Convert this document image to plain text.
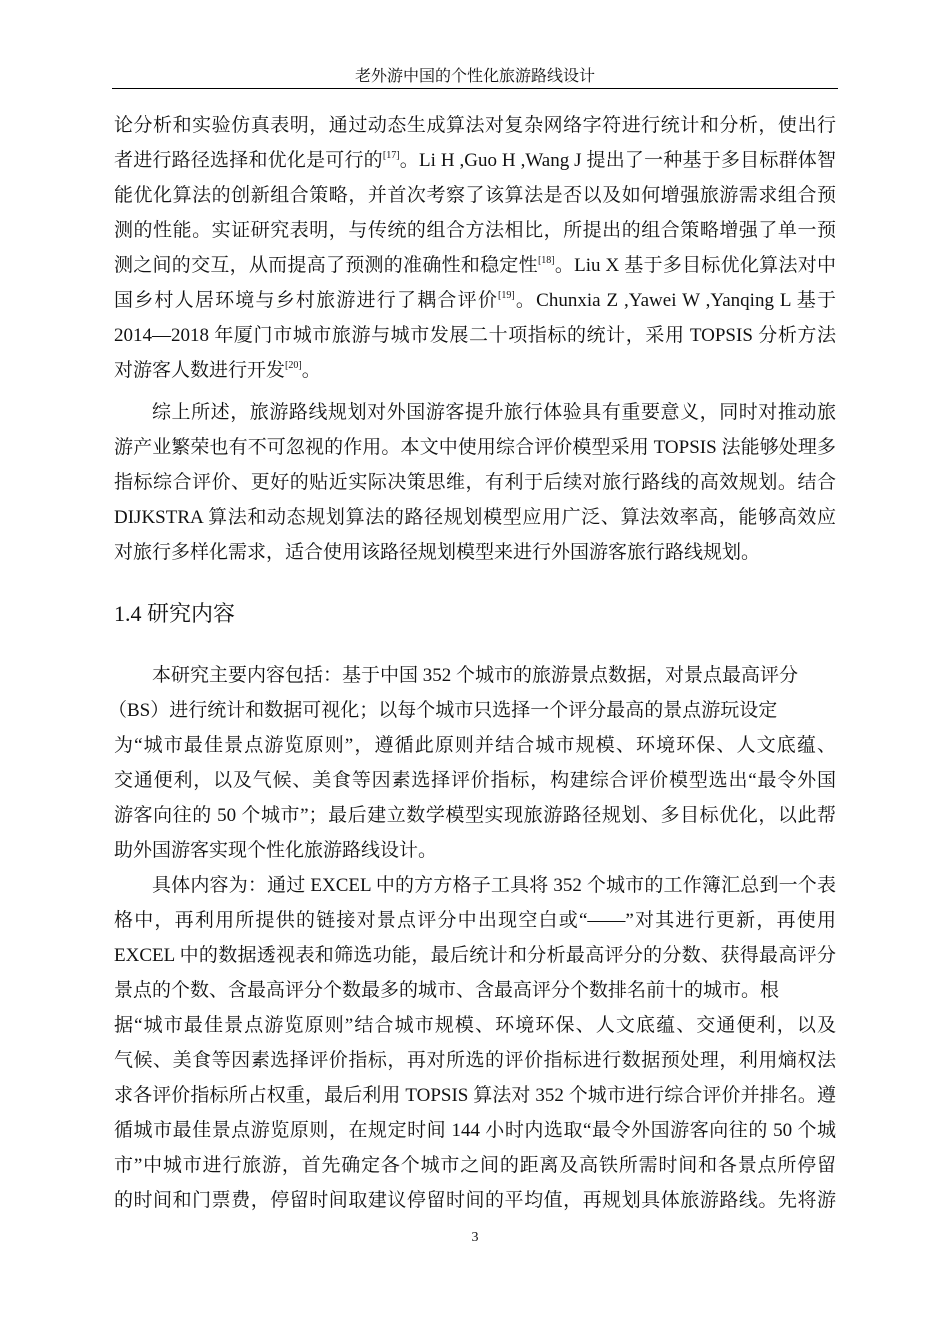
老外游中国的个性化旅游路线设计
论分析和实验仿真表明，通过动态生成算法对复杂网络字符进行统计和分析，使出行
者进行路径选择和优化是可行的[17]。Li H ,Guo H ,Wang J 提出了一种基于多目标群体智
能优化算法的创新组合策略，并首次考察了该算法是否以及如何增强旅游需求组合预
测的性能。实证研究表明，与传统的组合方法相比，所提出的组合策略增强了单一预
测之间的交互，从而提高了预测的准确性和稳定性[18]。Liu X 基于多目标优化算法对中
国乡村人居环境与乡村旅游进行了耦合评价[19]。Chunxia Z ,Yawei W ,Yanqing L 基于
2014—2018 年厦门市城市旅游与城市发展二十项指标的统计，采用 TOPSIS 分析方法
对游客人数进行开发[20]。
综上所述，旅游路线规划对外国游客提升旅行体验具有重要意义，同时对推动旅
游产业繁荣也有不可忽视的作用。本文中使用综合评价模型采用 TOPSIS 法能够处理多
指标综合评价、更好的贴近实际决策思维，有利于后续对旅行路线的高效规划。结合
DIJKSTRA 算法和动态规划算法的路径规划模型应用广泛、算法效率高，能够高效应
对旅行多样化需求，适合使用该路径规划模型来进行外国游客旅行路线规划。
1.4 研究内容
本研究主要内容包括：基于中国 352 个城市的旅游景点数据，对景点最高评分
（BS）进行统计和数据可视化；以每个城市只选择一个评分最高的景点游玩设定
为“城市最佳景点游览原则”，遵循此原则并结合城市规模、环境环保、人文底蕴、
交通便利，以及气候、美食等因素选择评价指标，构建综合评价模型选出“最令外国
游客向往的 50 个城市”；最后建立数学模型实现旅游路径规划、多目标优化，以此帮
助外国游客实现个性化旅游路线设计。
具体内容为：通过 EXCEL 中的方方格子工具将 352 个城市的工作簿汇总到一个表
格中，再利用所提供的链接对景点评分中出现空白或“——”对其进行更新，再使用
EXCEL 中的数据透视表和筛选功能，最后统计和分析最高评分的分数、获得最高评分
景点的个数、含最高评分个数最多的城市、含最高评分个数排名前十的城市。根
据“城市最佳景点游览原则”结合城市规模、环境环保、人文底蕴、交通便利，以及
气候、美食等因素选择评价指标，再对所选的评价指标进行数据预处理，利用熵权法
求各评价指标所占权重，最后利用 TOPSIS 算法对 352 个城市进行综合评价并排名。遵
循城市最佳景点游览原则，在规定时间 144 小时内选取“最令外国游客向往的 50 个城
市”中城市进行旅游，首先确定各个城市之间的距离及高铁所需时间和各景点所停留
的时间和门票费，停留时间取建议停留时间的平均值，再规划具体旅游路线。先将游
3
